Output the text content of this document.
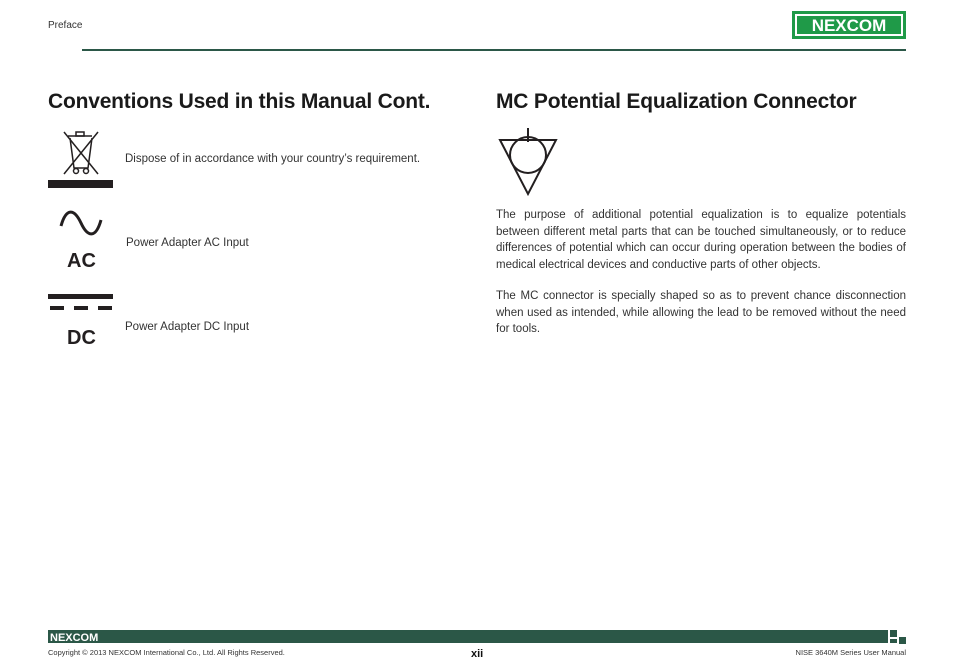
Preface	NEXCOM
Conventions Used in this Manual Cont.
Dispose of in accordance with your country’s requirement.
AC
Power Adapter AC Input
DC	Power Adapter DC Input
MC Potential Equalization Connector
The purpose of additional potential equalization is to equalize potentials between different metal parts that can be touched simultaneously, or to reduce differences of potential which can occur during operation between the bodies of medical electrical devices and conductive parts of other objects.
The MC connector is specially shaped so as to prevent chance disconnection when used as intended, while allowing the lead to be removed without the need for tools.
NEXCOM
Copyright © 2013 NEXCOM International Co., Ltd. All Rights Reserved.	xii	NISE 3640M Series User Manual
